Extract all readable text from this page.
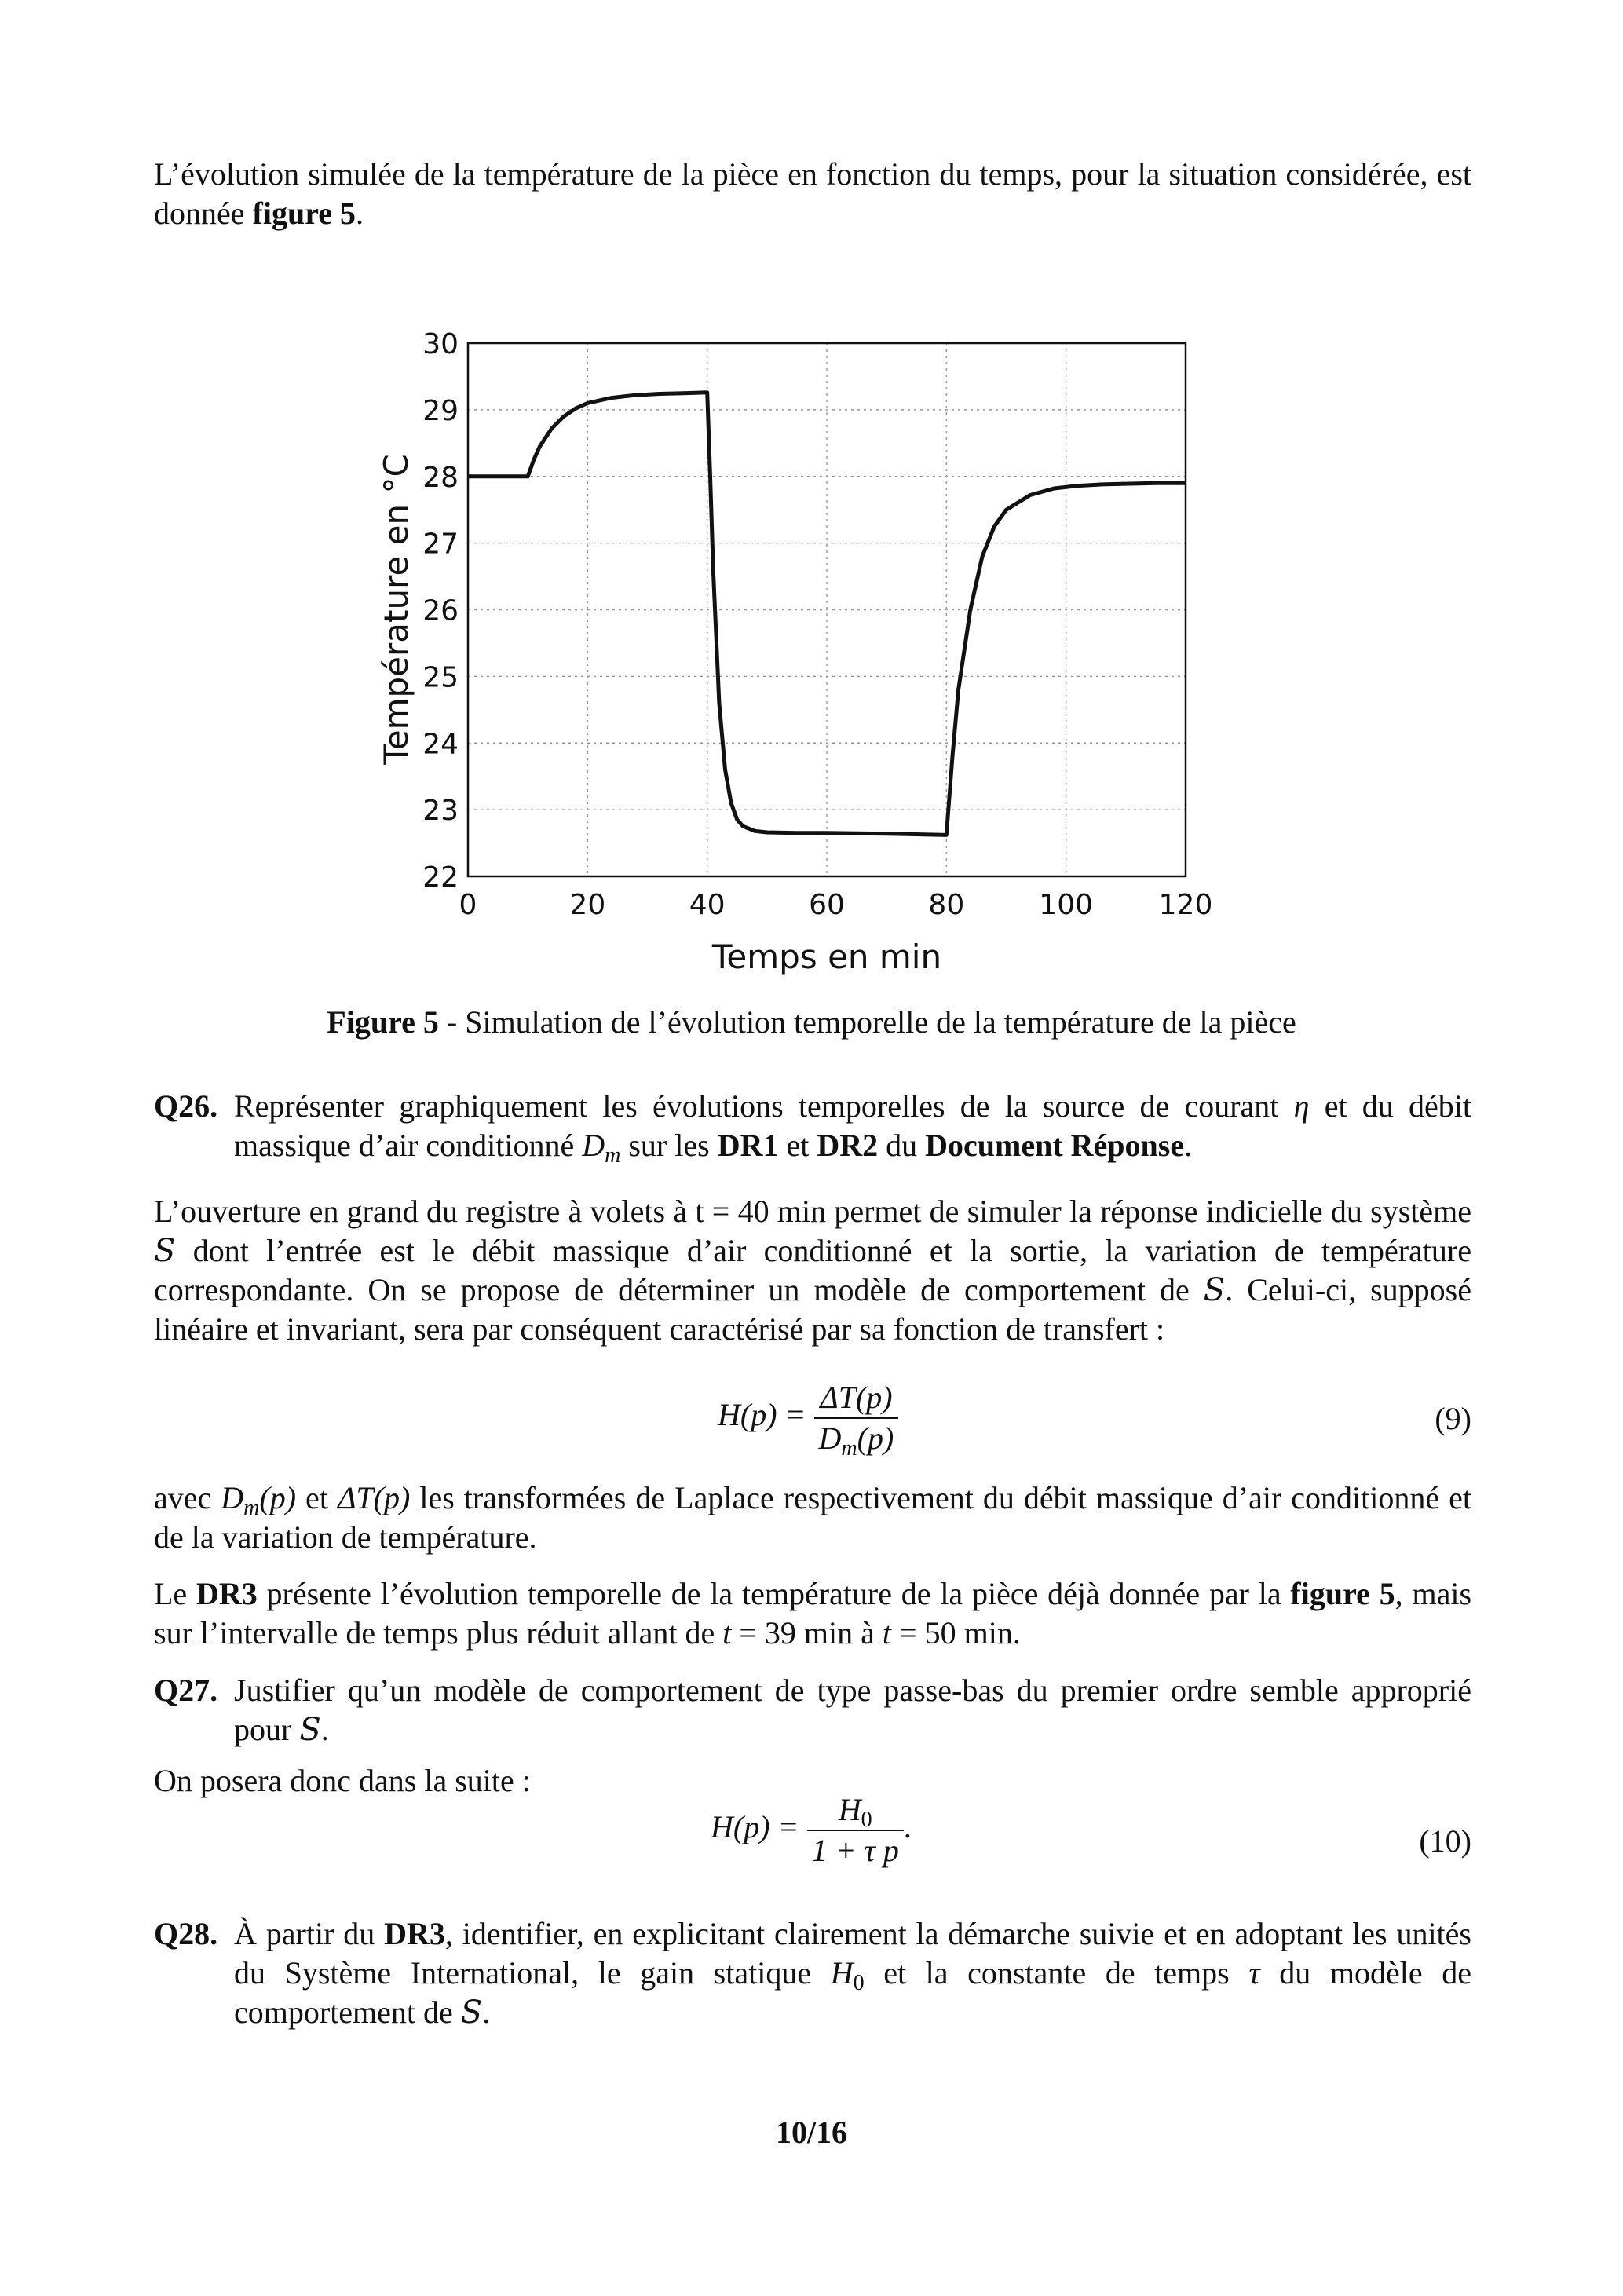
L’évolution simulée de la température de la pièce en fonction du temps, pour la situation considérée, est donnée figure 5.

22
23
24
25
26
27
28
29
30
0	20	40	60	80	100 120
Temps en min
Température en °C
Figure 5 - Simulation de l’évolution temporelle de la température de la pièce
Q26. Représenter graphiquement les évolutions temporelles de la source de courant η et du débit massique d’air conditionné $D_m$ sur les DR1 et DR2 du Document Réponse.

L’ouverture en grand du registre à volets à t = 40 min permet de simuler la réponse indicielle du système S dont l’entrée est le débit massique d’air conditionné et la sortie, la variation de température correspondante. On se propose de déterminer un modèle de comportement de S. Celui-ci, supposé linéaire et invariant, sera par conséquent caractérisé par sa fonction de transfert :

$H(p) = \frac{\Delta T(p)}{D_m(p)}$	(9)

avec $D_m(p)$ et ΔT(p) les transformées de Laplace respectivement du débit massique d’air conditionné et de la variation de température.

Le DR3 présente l’évolution temporelle de la température de la pièce déjà donnée par la figure 5, mais sur l’intervalle de temps plus réduit allant de t = 39 min à t = 50 min.

Q27. Justifier qu’un modèle de comportement de type passe-bas du premier ordre semble approprié pour S.

On posera donc dans la suite :

$H(p) = \frac{H_0}{\text{1 + τ p}}$ .	(10)
Q28. À partir du DR3, identifier, en explicitant clairement la démarche suivie et en adoptant les unités du Système International, le gain statique $H_0$ et la constante de temps τ du modèle de comportement de S.
10/16
